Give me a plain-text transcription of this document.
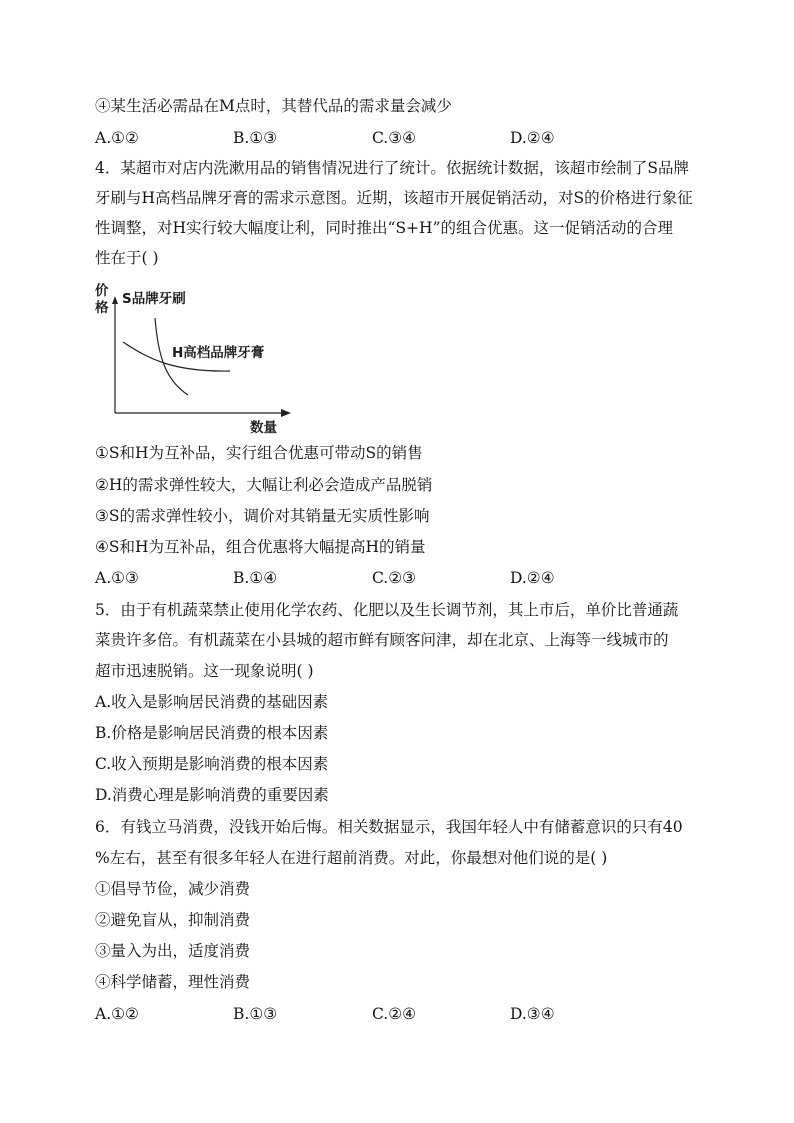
④某生活必需品在M点时，其替代品的需求量会减少
A.①②	B.①③	C.③④	D.②④
4．某超市对店内洗漱用品的销售情况进行了统计。依据统计数据，该超市绘制了S品牌
牙刷与H高档品牌牙膏的需求示意图。近期，该超市开展促销活动，对S的价格进行象征
性调整，对H实行较大幅度让利，同时推出“S+H”的组合优惠。这一促销活动的合理
性在于( )
价格
S品牌牙刷
H高档品牌牙膏
数量
①S和H为互补品，实行组合优惠可带动S的销售
②H的需求弹性较大，大幅让利必会造成产品脱销
③S的需求弹性较小，调价对其销量无实质性影响
④S和H为互补品，组合优惠将大幅提高H的销量
A.①③	B.①④	C.②③	D.②④
5．由于有机蔬菜禁止使用化学农药、化肥以及生长调节剂，其上市后，单价比普通蔬
菜贵许多倍。有机蔬菜在小县城的超市鲜有顾客问津，却在北京、上海等一线城市的
超市迅速脱销。这一现象说明( )
A.收入是影响居民消费的基础因素
B.价格是影响居民消费的根本因素
C.收入预期是影响消费的根本因素
D.消费心理是影响消费的重要因素
6．有钱立马消费，没钱开始后悔。相关数据显示，我国年轻人中有储蓄意识的只有40
%左右，甚至有很多年轻人在进行超前消费。对此，你最想对他们说的是( )
①倡导节俭，减少消费
②避免盲从，抑制消费
③量入为出，适度消费
④科学储蓄，理性消费
A.①②	B.①③	C.②④	D.③④
